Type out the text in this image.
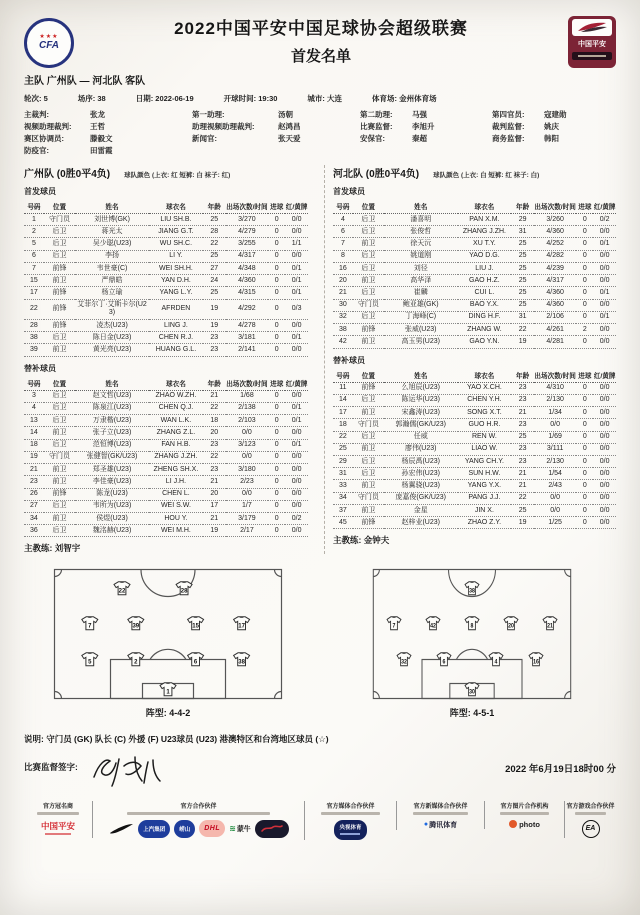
★★★
CFA
2022中国平安中国足球协会超级联赛
首发名单
中国平安
主队 广州队 — 河北队 客队
轮次: 5	场序: 38	日期: 2022-06-19	开球时间: 19:30	城市: 大连	体育场: 金州体育场
主裁判:	张龙
视频助理裁判:	王哲
赛区协调员:	滕毅文
防疫官:	田雷霞
第一助理:	汤朝
助理视频助理裁判:	赵鸿昌
新闻官:	张天爱
第二助理:	马强
比赛监督:	李旭升
安保官:	秦超
第四官员:	寇建勋
裁判监督:	姚庆
商务监督:	韩阳
广州队 (0胜0平4负) 球队颜色 (上衣: 红 短裤: 白 袜子: 红)
首发球员
号码	位置	姓名	球衣名	年龄	出场次数/时间	进球	红/黄牌
1	守门员	刘世博(GK)	LIU SH.B.	25	3/270	0	0/0
2	后卫	蒋光太	JIANG G.T.	28	4/279	0	0/0
5	后卫	吴少聪(U23)	WU SH.C.	22	3/255	0	1/1
6	后卫	李扬	LI Y.	25	4/317	0	0/0
7	前锋	韦世豪(C)	WEI SH.H.	27	4/348	0	0/1
15	前卫	严鼎皓	YAN D.H.	24	4/360	0	0/1
17	前锋	杨立瑜	YANG L.Y.	25	4/315	0	0/1
22	前锋	艾菲尔丁·艾斯卡尔(U23)	AFRDEN	19	4/292	0	0/3
28	前锋	凌杰(U23)	LING J.	19	4/278	0	0/0
38	后卫	陈日金(U23)	CHEN R.J.	23	3/181	0	0/1
39	前卫	黄光亮(U23)	HUANG G.L.	23	2/141	0	0/0
替补球员
号码	位置	姓名	球衣名	年龄	出场次数/时间	进球	红/黄牌
3	后卫	赵文哲(U23)	ZHAO W.ZH.	21	1/68	0	0/0
4	后卫	陈泉江(U23)	CHEN Q.J.	22	2/138	0	0/1
13	后卫	万隶楷(U23)	WAN L.K.	18	2/103	0	0/1
14	前卫	张子立(U23)	ZHANG Z.L.	20	0/0	0	0/0
18	后卫	范恒博(U23)	FAN H.B.	23	3/123	0	0/1
19	守门员	张健智(GK/U23)	ZHANG J.ZH.	22	0/0	0	0/0
21	前卫	郑圣雄(U23)	ZHENG SH.X.	23	3/180	0	0/0
23	前卫	李佳豪(U23)	LI J.H.	21	2/23	0	0/0
26	前锋	陈龙(U23)	CHEN L.	20	0/0	0	0/0
27	后卫	韦所为(U23)	WEI S.W.	17	1/7	0	0/0
34	前卫	侯煜(U23)	HOU Y.	21	3/179	0	0/2
36	后卫	魏洺赫(U23)	WEI M.H.	19	2/17	0	0/0
主教练: 刘智宇
河北队 (0胜0平4负) 球队颜色 (上衣: 白 短裤: 红 袜子: 白)
首发球员
号码	位置	姓名	球衣名	年龄	出场次数/时间	进球	红/黄牌
4	后卫	潘喜明	PAN X.M.	29	3/260	0	0/2
6	后卫	张俊哲	ZHANG J.ZH.	31	4/360	0	0/0
7	前卫	徐天沅	XU T.Y.	25	4/252	0	0/1
8	后卫	姚道刚	YAO D.G.	25	4/282	0	0/0
16	后卫	刘径	LIU J.	25	4/239	0	0/0
20	前卫	高华泽	GAO H.Z.	25	4/317	0	0/0
21	后卫	崔麟	CUI L.	25	4/360	0	0/1
30	守门员	鲍亚雄(GK)	BAO Y.X.	25	4/360	0	0/0
32	后卫	丁海峰(C)	DING H.F.	31	2/106	0	0/1
38	前锋	张威(U23)	ZHANG W.	22	4/261	2	0/0
42	前卫	高玉男(U23)	GAO Y.N.	19	4/281	0	0/0
替补球员
号码	位置	姓名	球衣名	年龄	出场次数/时间	进球	红/黄牌
11	前锋	么旭辰(U23)	YAO X.CH.	23	4/310	0	0/0
14	后卫	陈运华(U23)	CHEN Y.H.	23	2/130	0	0/0
17	前卫	宋鑫涛(U23)	SONG X.T.	21	1/34	0	0/0
18	守门员	郭瀚儒(GK/U23)	GUO H.R.	23	0/0	0	0/0
22	后卫	任威	REN W.	25	1/69	0	0/0
25	前卫	廖伟(U23)	LIAO W.	23	3/111	0	0/0
29	后卫	杨辰禹(U23)	YANG CH.Y.	23	2/130	0	0/0
31	后卫	孙宏伟(U23)	SUN H.W.	21	1/54	0	0/0
33	前卫	杨翼骁(U23)	YANG Y.X.	21	2/43	0	0/0
34	守门员	庞嘉俊(GK/U23)	PANG J.J.	22	0/0	0	0/0
37	前卫	金星	JIN X.	25	0/0	0	0/0
45	前锋	赵梓业(U23)	ZHAO Z.Y.	19	1/25	0	0/0
主教练: 金钟夫
22	28
7	39	15	17
5	2	6	38
1
阵型: 4-4-2
38
7	42	8	20	21
32	6	4	16
30
阵型: 4-5-1
说明: 守门员 (GK) 队长 (C) 外援 (F) U23球员 (U23) 港澳特区和台湾地区球员 (☆)
比赛监督签字:	2022 年6月19日18时00 分
官方冠名商
中国平安
官方合作伙伴
上汽集团	崂山	DHL	≋ 蒙牛
官方媒体合作伙伴
央视体育
官方新媒体合作伙伴
● 腾讯体育
官方图片合作机构
photo
官方游戏合作伙伴
EA
